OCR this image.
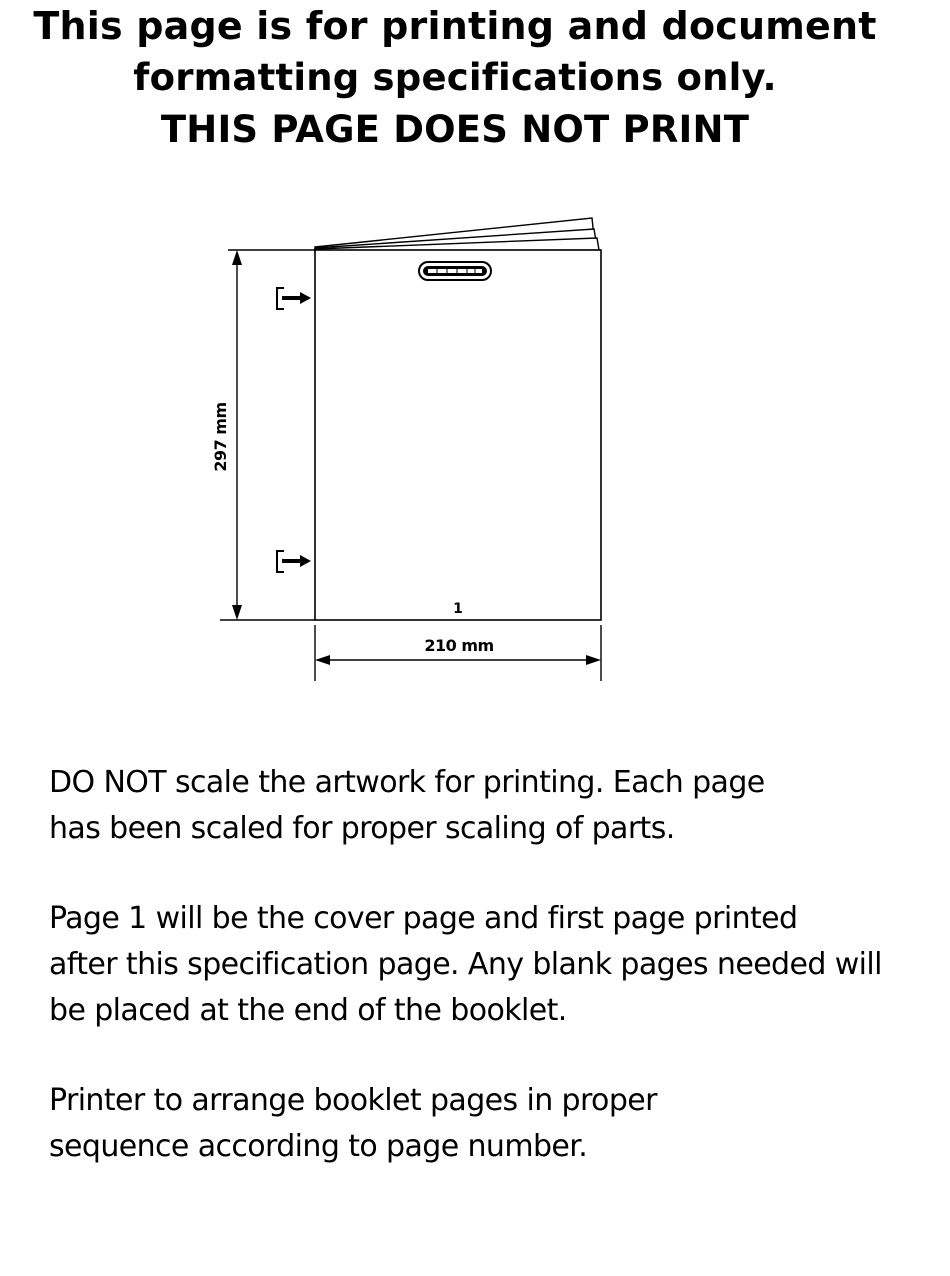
This page is for printing and document
formatting specifications only.
THIS PAGE DOES NOT PRINT
297 mm
1
210 mm

DO NOT scale the artwork for printing. Each page
has been scaled for proper scaling of parts.

Page 1 will be the cover page and first page printed
after this specification page. Any blank pages needed will
be placed at the end of the booklet.

Printer to arrange booklet pages in proper
sequence according to page number.
